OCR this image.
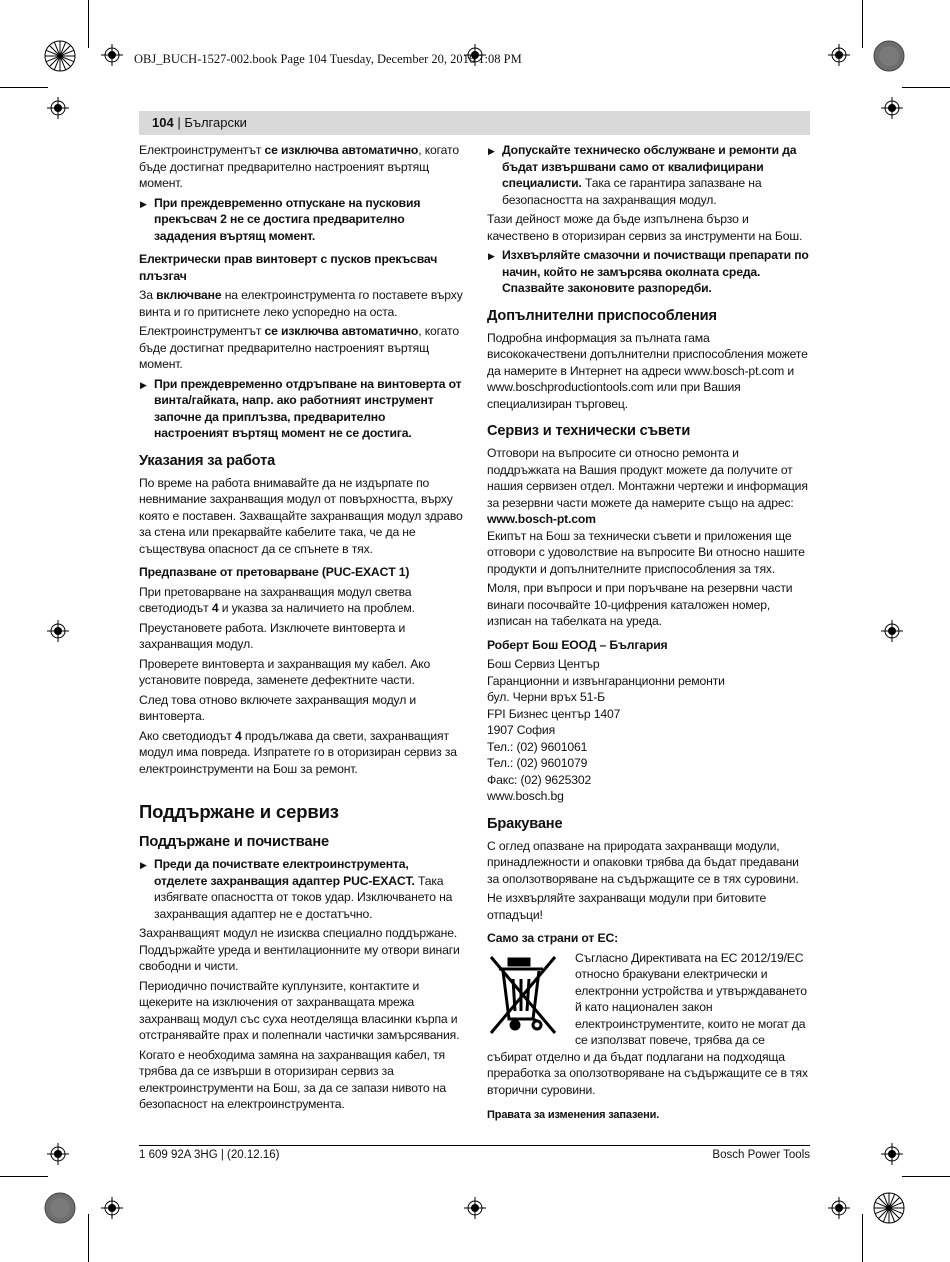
OBJ_BUCH-1527-002.book Page 104 Tuesday, December 20, 2016 1:08 PM
104 | Български

Електроинструментът се изключва автоматично, когато бъде достигнат предварително настроеният въртящ момент.

▶ При преждевременно отпускане на пусковия прекъсвач 2 не се достига предварително зададения въртящ момент.
Електрически прав винтоверт с пусков прекъсвач плъзгач

За включване на електроинструмента го поставете върху винта и го притиснете леко успоредно на оста.

Електроинструментът се изключва автоматично, когато бъде достигнат предварително настроеният въртящ момент.

▶ При преждевременно отдръпване на винтоверта от винта/гайката, напр. ако работният инструмент започне да приплъзва, предварително настроеният въртящ момент не се достига.
Указания за работа

По време на работа внимавайте да не издърпате по невнимание захранващия модул от повърхността, върху която е поставен. Захващайте захранващия модул здраво за стена или прекарвайте кабелите така, че да не съществува опасност да се спънете в тях.

Предпазване от претоварване (PUC-EXACT 1)

При претоварване на захранващия модул светва светодиодът 4 и указва за наличието на проблем.

Преустановете работа. Изключете винтоверта и захранващия модул.

Проверете винтоверта и захранващия му кабел. Ако установите повреда, заменете дефектните части.

След това отново включете захранващия модул и винтоверта.

Ако светодиодът 4 продължава да свети, захранващият модул има повреда. Изпратете го в оторизиран сервиз за електроинструменти на Бош за ремонт.

Поддържане и сервиз
Поддържане и почистване
▶ Преди да почиствате електроинструмента, отделете захранващия адаптер PUC-EXACT. Така избягвате опасността от токов удар. Изключването на захранващия адаптер не е достатъчно.

Захранващият модул не изисква специално поддържане. Поддържайте уреда и вентилационните му отвори винаги свободни и чисти.

Периодично почиствайте куплунзите, контактите и щекерите на изключения от захранващата мрежа захранващ модул със суха неотделяща власинки кърпа и отстранявайте прах и полепнали частички замърсявания.

Когато е необходима замяна на захранващия кабел, тя трябва да се извърши в оторизиран сервиз за електроинструменти на Бош, за да се запази нивото на безопасност на електроинструмента.

▶ Допускайте техническо обслужване и ремонти да бъдат извършвани само от квалифицирани специалисти. Така се гарантира запазване на безопасността на захранващия модул.

Тази дейност може да бъде изпълнена бързо и качествено в оторизиран сервиз за инструменти на Бош.

▶ Изхвърляйте смазочни и почистващи препарати по начин, който не замърсява околната среда. Спазвайте законовите разпоредби.
Допълнителни приспособления

Подробна информация за пълната гама висококачествени допълнителни приспособления можете да намерите в Интернет на адреси www.bosch-pt.com и www.boschproductiontools.com или при Вашия специализиран търговец.

Сервиз и технически съвети

Отговори на въпросите си относно ремонта и поддръжката на Вашия продукт можете да получите от нашия сервизен отдел. Монтажни чертежи и информация за резервни части можете да намерите също на адрес:

www.bosch-pt.com

Екипът на Бош за технически съвети и приложения ще отговори с удоволствие на въпросите Ви относно нашите продукти и допълнителните приспособления за тях.

Моля, при въпроси и при поръчване на резервни части винаги посочвайте 10-цифрения каталожен номер, изписан на табелката на уреда.

Роберт Бош ЕООД – България

Бош Сервиз Център

Гаранционни и извънгаранционни ремонти

бул. Черни връх 51-Б

FPI Бизнес център 1407

1907 София

Тел.: (02) 9601061

Тел.: (02) 9601079

Факс: (02) 9625302

www.bosch.bg

Бракуване

С оглед опазване на природата захранващи модули, принадлежности и опаковки трябва да бъдат предавани за оползотворяване на съдържащите се в тях суровини.

Не изхвърляйте захранващи модули при битовите отпадъци!

Само за страни от ЕС:

Съгласно Директивата на ЕС 2012/19/ЕС относно бракувани електрически и електронни устройства и утвърждаването й като национален закон електроинструментите, които не могат да се използват повече, трябва да се събират отделно и да бъдат подлагани на подходяща преработка за оползотворяване на съдържащите се в тях вторични суровини.

Правата за изменения запазени.

1 609 92A 3HG | (20.12.16)	Bosch Power Tools
